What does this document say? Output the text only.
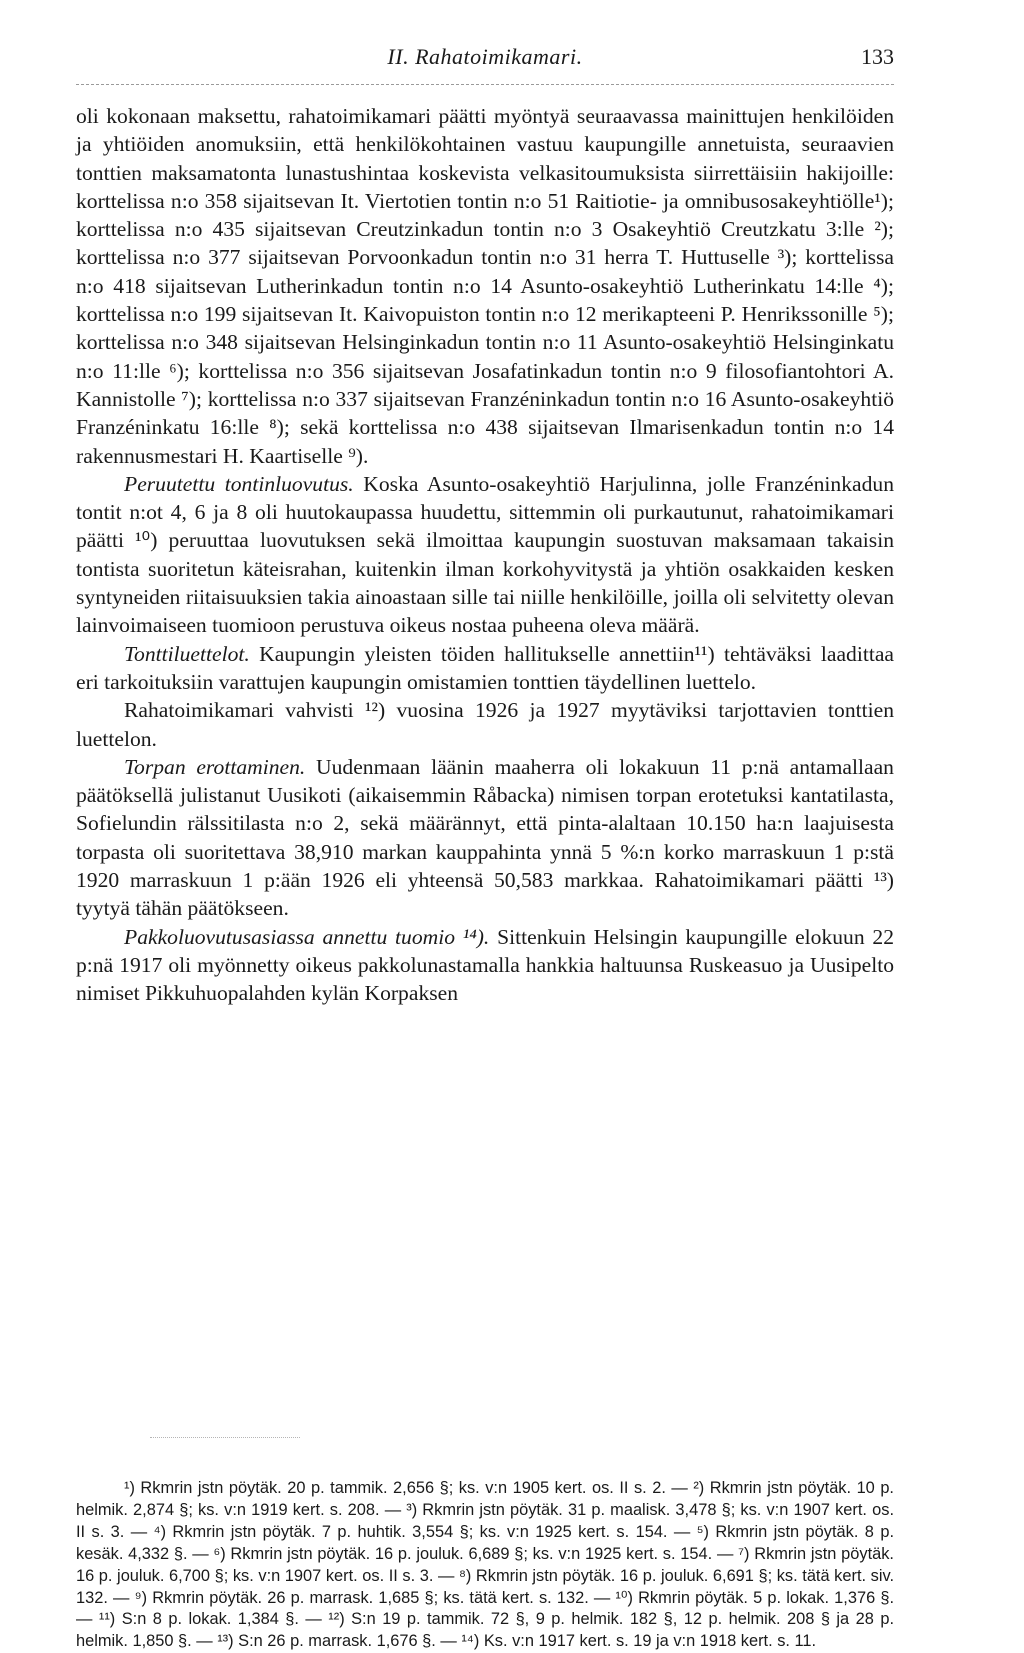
II. Rahatoimikamari.	133

oli kokonaan maksettu, rahatoimikamari päätti myöntyä seuraavassa mainittujen henkilöiden ja yhtiöiden anomuksiin, että henkilökohtainen vastuu kaupungille annetuista, seuraavien tonttien maksamatonta lunastushintaa koskevista velkasitoumuksista siirrettäisiin hakijoille: korttelissa n:o 358 sijaitsevan It. Viertotien tontin n:o 51 Raitiotie- ja omnibusosakeyhtiölle¹); korttelissa n:o 435 sijaitsevan Creutzinkadun tontin n:o 3 Osakeyhtiö Creutzkatu 3:lle ²); korttelissa n:o 377 sijaitsevan Porvoonkadun tontin n:o 31 herra T. Huttuselle ³); korttelissa n:o 418 sijaitsevan Lutherinkadun tontin n:o 14 Asunto-osakeyhtiö Lutherinkatu 14:lle ⁴); korttelissa n:o 199 sijaitsevan It. Kaivopuiston tontin n:o 12 merikapteeni P. Henrikssonille ⁵); korttelissa n:o 348 sijaitsevan Helsinginkadun tontin n:o 11 Asunto-osakeyhtiö Helsinginkatu n:o 11:lle ⁶); korttelissa n:o 356 sijaitsevan Josafatinkadun tontin n:o 9 filosofiantohtori A. Kannistolle ⁷); korttelissa n:o 337 sijaitsevan Franzéninkadun tontin n:o 16 Asunto-osakeyhtiö Franzéninkatu 16:lle ⁸); sekä korttelissa n:o 438 sijaitsevan Ilmarisenkadun tontin n:o 14 rakennusmestari H. Kaartiselle ⁹).

Peruutettu tontinluovutus. Koska Asunto-osakeyhtiö Harjulinna, jolle Franzéninkadun tontit n:ot 4, 6 ja 8 oli huutokaupassa huudettu, sittemmin oli purkautunut, rahatoimikamari päätti ¹⁰) peruuttaa luovutuksen sekä ilmoittaa kaupungin suostuvan maksamaan takaisin tontista suoritetun käteisrahan, kuitenkin ilman korkohyvitystä ja yhtiön osakkaiden kesken syntyneiden riitaisuuksien takia ainoastaan sille tai niille henkilöille, joilla oli selvitetty olevan lainvoimaiseen tuomioon perustuva oikeus nostaa puheena oleva määrä.

Tonttiluettelot. Kaupungin yleisten töiden hallitukselle annettiin¹¹) tehtäväksi laadittaa eri tarkoituksiin varattujen kaupungin omistamien tonttien täydellinen luettelo.

Rahatoimikamari vahvisti ¹²) vuosina 1926 ja 1927 myytäviksi tarjottavien tonttien luettelon.

Torpan erottaminen. Uudenmaan läänin maaherra oli lokakuun 11 p:nä antamallaan päätöksellä julistanut Uusikoti (aikaisemmin Råbacka) nimisen torpan erotetuksi kantatilasta, Sofielundin rälssitilasta n:o 2, sekä määrännyt, että pinta-alaltaan 10.150 ha:n laajuisesta torpasta oli suoritettava 38,910 markan kauppahinta ynnä 5 %:n korko marraskuun 1 p:stä 1920 marraskuun 1 p:ään 1926 eli yhteensä 50,583 markkaa. Rahatoimikamari päätti ¹³) tyytyä tähän päätökseen.

Pakkoluovutusasiassa annettu tuomio ¹⁴). Sittenkuin Helsingin kaupungille elokuun 22 p:nä 1917 oli myönnetty oikeus pakkolunastamalla hankkia haltuunsa Ruskeasuo ja Uusipelto nimiset Pikkuhuopalahden kylän Korpaksen

¹) Rkmrin jstn pöytäk. 20 p. tammik. 2,656 §; ks. v:n 1905 kert. os. II s. 2. — ²) Rkmrin jstn pöytäk. 10 p. helmik. 2,874 §; ks. v:n 1919 kert. s. 208. — ³) Rkmrin jstn pöytäk. 31 p. maalisk. 3,478 §; ks. v:n 1907 kert. os. II s. 3. — ⁴) Rkmrin jstn pöytäk. 7 p. huhtik. 3,554 §; ks. v:n 1925 kert. s. 154. — ⁵) Rkmrin jstn pöytäk. 8 p. kesäk. 4,332 §. — ⁶) Rkmrin jstn pöytäk. 16 p. jouluk. 6,689 §; ks. v:n 1925 kert. s. 154. — ⁷) Rkmrin jstn pöytäk. 16 p. jouluk. 6,700 §; ks. v:n 1907 kert. os. II s. 3. — ⁸) Rkmrin jstn pöytäk. 16 p. jouluk. 6,691 §; ks. tätä kert. siv. 132. — ⁹) Rkmrin pöytäk. 26 p. marrask. 1,685 §; ks. tätä kert. s. 132. — ¹⁰) Rkmrin pöytäk. 5 p. lokak. 1,376 §. — ¹¹) S:n 8 p. lokak. 1,384 §. — ¹²) S:n 19 p. tammik. 72 §, 9 p. helmik. 182 §, 12 p. helmik. 208 § ja 28 p. helmik. 1,850 §. — ¹³) S:n 26 p. marrask. 1,676 §. — ¹⁴) Ks. v:n 1917 kert. s. 19 ja v:n 1918 kert. s. 11.
